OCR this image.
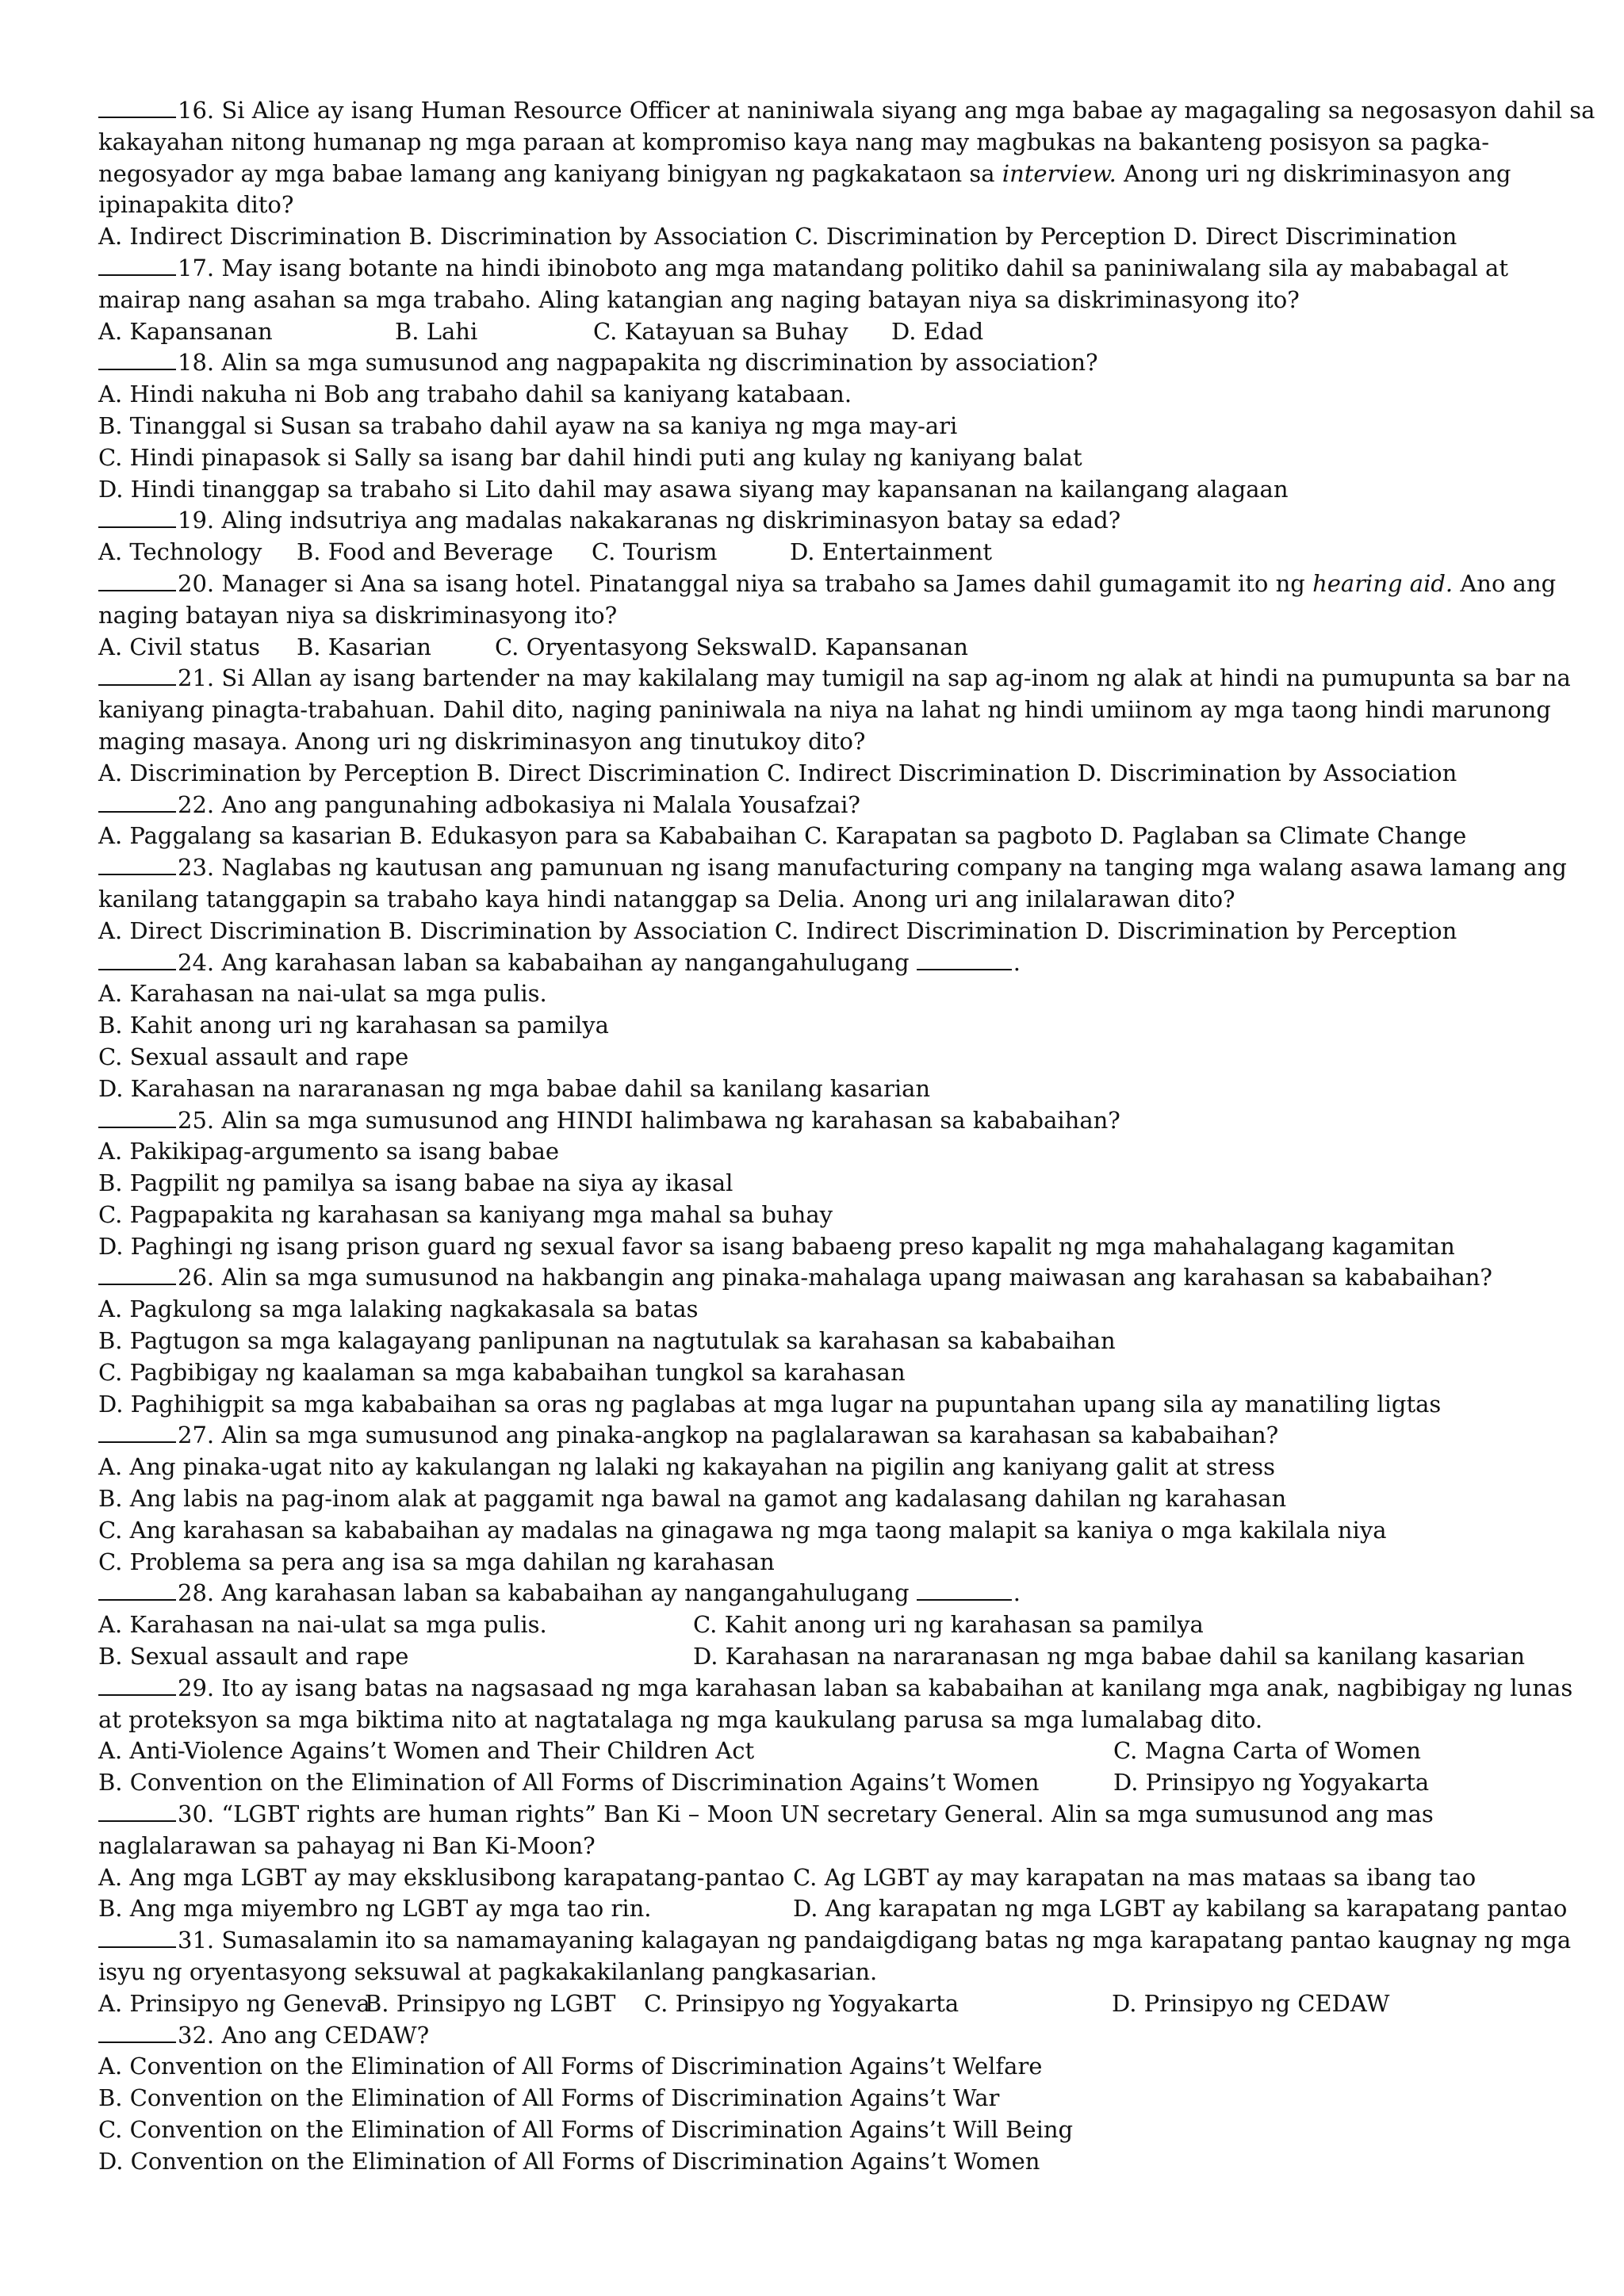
16. Si Alice ay isang Human Resource Officer at naniniwala siyang ang mga babae ay magagaling sa negosasyon dahil sa
kakayahan nitong humanap ng mga paraan at kompromiso kaya nang may magbukas na bakanteng posisyon sa pagka-
negosyador ay mga babae lamang ang kaniyang binigyan ng pagkakataon sa interview. Anong uri ng diskriminasyon ang
ipinapakita dito?
A. Indirect Discrimination B. Discrimination by Association C. Discrimination by Perception D. Direct Discrimination
17. May isang botante na hindi ibinoboto ang mga matandang politiko dahil sa paniniwalang sila ay mababagal at
mairap nang asahan sa mga trabaho. Aling katangian ang naging batayan niya sa diskriminasyong ito?
A. Kapansanan	B. Lahi	C. Katayuan sa Buhay D. Edad
18. Alin sa mga sumusunod ang nagpapakita ng discrimination by association?
A. Hindi nakuha ni Bob ang trabaho dahil sa kaniyang katabaan.
B. Tinanggal si Susan sa trabaho dahil ayaw na sa kaniya ng mga may-ari
C. Hindi pinapasok si Sally sa isang bar dahil hindi puti ang kulay ng kaniyang balat
D. Hindi tinanggap sa trabaho si Lito dahil may asawa siyang may kapansanan na kailangang alagaan
19. Aling indsutriya ang madalas nakakaranas ng diskriminasyon batay sa edad?
A. Technology B. Food and Beverage C. Tourism	D. Entertainment
20. Manager si Ana sa isang hotel. Pinatanggal niya sa trabaho sa James dahil gumagamit ito ng hearing aid. Ano ang
naging batayan niya sa diskriminasyong ito?
A. Civil status B. Kasarian	C. Oryentasyong SekswalD. Kapansanan
21. Si Allan ay isang bartender na may kakilalang may tumigil na sap ag-inom ng alak at hindi na pumupunta sa bar na
kaniyang pinagta-trabahuan. Dahil dito, naging paniniwala na niya na lahat ng hindi umiinom ay mga taong hindi marunong
maging masaya. Anong uri ng diskriminasyon ang tinutukoy dito?
A. Discrimination by Perception B. Direct Discrimination C. Indirect Discrimination D. Discrimination by Association
22. Ano ang pangunahing adbokasiya ni Malala Yousafzai?
A. Paggalang sa kasarian B. Edukasyon para sa Kababaihan C. Karapatan sa pagboto D. Paglaban sa Climate Change
23. Naglabas ng kautusan ang pamunuan ng isang manufacturing company na tanging mga walang asawa lamang ang
kanilang tatanggapin sa trabaho kaya hindi natanggap sa Delia. Anong uri ang inilalarawan dito?
A. Direct Discrimination B. Discrimination by Association C. Indirect Discrimination D. Discrimination by Perception
24. Ang karahasan laban sa kababaihan ay nangangahulugang	.
A. Karahasan na nai-ulat sa mga pulis.
B. Kahit anong uri ng karahasan sa pamilya
C. Sexual assault and rape
D. Karahasan na nararanasan ng mga babae dahil sa kanilang kasarian
25. Alin sa mga sumusunod ang HINDI halimbawa ng karahasan sa kababaihan?
A. Pakikipag-argumento sa isang babae
B. Pagpilit ng pamilya sa isang babae na siya ay ikasal
C. Pagpapakita ng karahasan sa kaniyang mga mahal sa buhay
D. Paghingi ng isang prison guard ng sexual favor sa isang babaeng preso kapalit ng mga mahahalagang kagamitan
26. Alin sa mga sumusunod na hakbangin ang pinaka-mahalaga upang maiwasan ang karahasan sa kababaihan?
A. Pagkulong sa mga lalaking nagkakasala sa batas
B. Pagtugon sa mga kalagayang panlipunan na nagtutulak sa karahasan sa kababaihan
C. Pagbibigay ng kaalaman sa mga kababaihan tungkol sa karahasan
D. Paghihigpit sa mga kababaihan sa oras ng paglabas at mga lugar na pupuntahan upang sila ay manatiling ligtas
27. Alin sa mga sumusunod ang pinaka-angkop na paglalarawan sa karahasan sa kababaihan?
A. Ang pinaka-ugat nito ay kakulangan ng lalaki ng kakayahan na pigilin ang kaniyang galit at stress
B. Ang labis na pag-inom alak at paggamit nga bawal na gamot ang kadalasang dahilan ng karahasan
C. Ang karahasan sa kababaihan ay madalas na ginagawa ng mga taong malapit sa kaniya o mga kakilala niya
C. Problema sa pera ang isa sa mga dahilan ng karahasan
28. Ang karahasan laban sa kababaihan ay nangangahulugang	.
A. Karahasan na nai-ulat sa mga pulis.	C. Kahit anong uri ng karahasan sa pamilya
B. Sexual assault and rape	D. Karahasan na nararanasan ng mga babae dahil sa kanilang kasarian
29. Ito ay isang batas na nagsasaad ng mga karahasan laban sa kababaihan at kanilang mga anak, nagbibigay ng lunas
at proteksyon sa mga biktima nito at nagtatalaga ng mga kaukulang parusa sa mga lumalabag dito.
A. Anti-Violence Agains’t Women and Their Children Act	C. Magna Carta of Women
B. Convention on the Elimination of All Forms of Discrimination Agains’t Women	D. Prinsipyo ng Yogyakarta
30. “LGBT rights are human rights” Ban Ki – Moon UN secretary General. Alin sa mga sumusunod ang mas
naglalarawan sa pahayag ni Ban Ki-Moon?
A. Ang mga LGBT ay may eksklusibong karapatang-pantao C. Ag LGBT ay may karapatan na mas mataas sa ibang tao
B. Ang mga miyembro ng LGBT ay mga tao rin.	D. Ang karapatan ng mga LGBT ay kabilang sa karapatang pantao
31. Sumasalamin ito sa namamayaning kalagayan ng pandaigdigang batas ng mga karapatang pantao kaugnay ng mga
isyu ng oryentasyong seksuwal at pagkakakilanlang pangkasarian.
A. Prinsipyo ng GenevaB. Prinsipyo ng LGBT C. Prinsipyo ng Yogyakarta	D. Prinsipyo ng CEDAW
32. Ano ang CEDAW?
A. Convention on the Elimination of All Forms of Discrimination Agains’t Welfare
B. Convention on the Elimination of All Forms of Discrimination Agains’t War
C. Convention on the Elimination of All Forms of Discrimination Agains’t Will Being
D. Convention on the Elimination of All Forms of Discrimination Agains’t Women
